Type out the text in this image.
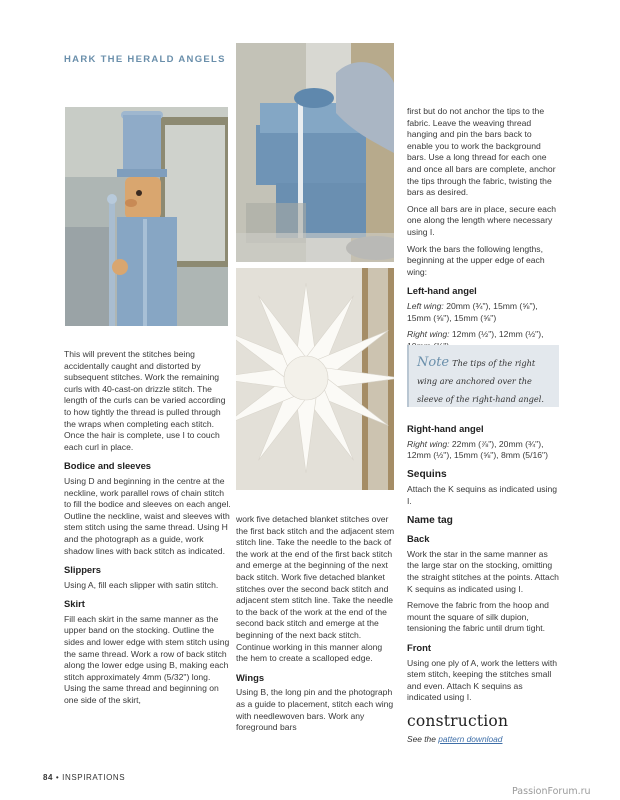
HARK THE HERALD ANGELS

This will prevent the stitches being accidentally caught and distorted by subsequent stitches. Work the remaining curls with 40-cast-on drizzle stitch. The length of the curls can be varied according to how tightly the thread is pulled through the wraps when completing each stitch. Once the hair is complete, use I to couch each curl in place.

Bodice and sleeves

Using D and beginning in the centre at the neckline, work parallel rows of chain stitch to fill the bodice and sleeves on each angel. Outline the neckline, waist and sleeves with stem stitch using the same thread. Using H and the photograph as a guide, work shadow lines with back stitch as indicated.

Slippers

Using A, fill each slipper with satin stitch.

Skirt

Fill each skirt in the same manner as the upper band on the stocking. Outline the sides and lower edge with stem stitch using the same thread. Work a row of back stitch along the lower edge using B, making each stitch approximately 4mm (5/32") long. Using the same thread and beginning on one side of the skirt,

work five detached blanket stitches over the first back stitch and the adjacent stem stitch line. Take the needle to the back of the work at the end of the first back stitch and emerge at the beginning of the next back stitch. Work five detached blanket stitches over the second back stitch and adjacent stem stitch line. Take the needle to the back of the work at the end of the second back stitch and emerge at the beginning of the next back stitch. Continue working in this manner along the hem to create a scalloped edge.

Wings

Using B, the long pin and the photograph as a guide to placement, stitch each wing with needlewoven bars. Work any foreground bars

first but do not anchor the tips to the fabric. Leave the weaving thread hanging and pin the bars back to enable you to work the background bars. Use a long thread for each one and once all bars are complete, anchor the tips through the fabric, twisting the bars as desired.

Once all bars are in place, secure each one along the length where necessary using I.

Work the bars the following lengths, beginning at the upper edge of each wing:

Left-hand angel

Left wing: 20mm (¾"), 15mm (⅝"), 15mm (⅝"), 15mm (⅝")

Right wing: 12mm (½"), 12mm (½"),

Note The tips of the right wing are anchored over the sleeve of the right-hand angel.
Right-hand angel

Right wing: 22mm (⅞"), 20mm (¾"), 12mm (½"), 15mm (⅝"), 8mm (5/16")

Sequins

Attach the K sequins as indicated using I.

Name tag
Back

Work the star in the same manner as the large star on the stocking, omitting the straight stitches at the points. Attach K sequins as indicated using I.

Remove the fabric from the hoop and mount the square of silk dupion, tensioning the fabric until drum tight.

Front

Using one ply of A, work the letters with stem stitch, keeping the stitches small and even. Attach K sequins as indicated using I.

construction
See the pattern download
84 • INSPIRATIONS
PassionForum.ru
